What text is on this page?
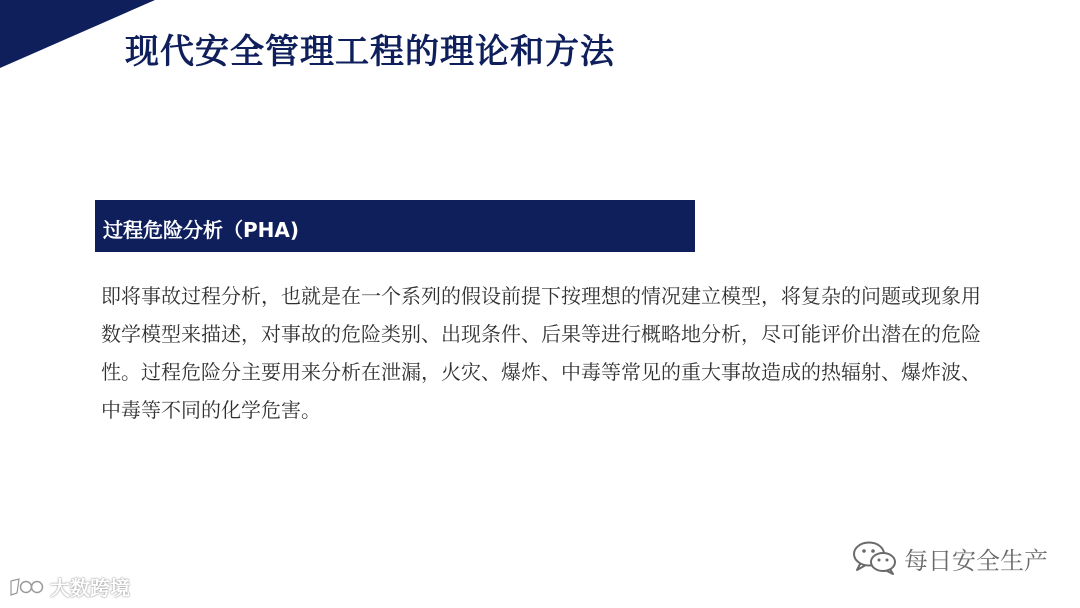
现代安全管理工程的理论和方法
过程危险分析（PHA)

即将事故过程分析，也就是在一个系列的假设前提下按理想的情况建立模型，将复杂的问题或现象用数学模型来描述，对事故的危险类别、出现条件、后果等进行概略地分析，尽可能评价出潜在的危险性。过程危险分主要用来分析在泄漏，火灾、爆炸、中毒等常见的重大事故造成的热辐射、爆炸波、中毒等不同的化学危害。

每日安全生产
大数跨境
